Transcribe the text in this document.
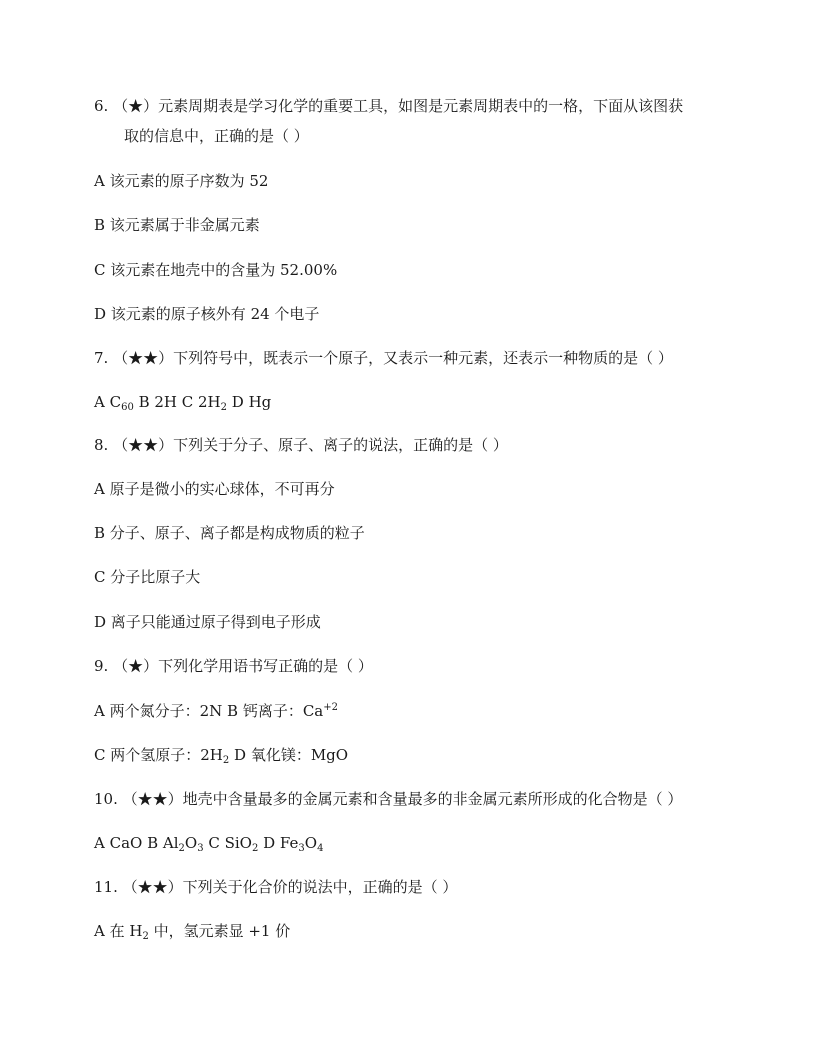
6. （★）元素周期表是学习化学的重要工具，如图是元素周期表中的一格，下面从该图获
取的信息中，正确的是（ ）
A 该元素的原子序数为 52
B 该元素属于非金属元素
C 该元素在地壳中的含量为 52.00%
D 该元素的原子核外有 24 个电子
7. （★★）下列符号中，既表示一个原子，又表示一种元素，还表示一种物质的是（ ）
A $C_{60}$ B 2H C $2H_2$ D Hg
8. （★★）下列关于分子、原子、离子的说法，正确的是（ ）
A 原子是微小的实心球体，不可再分
B 分子、原子、离子都是构成物质的粒子
C 分子比原子大
D 离子只能通过原子得到电子形成
9. （★）下列化学用语书写正确的是（ ）
A 两个氮分子：2N B 钙离子：$Ca^{+2}$
C 两个氢原子：$2H_2$ D 氧化镁：MgO
10. （★★）地壳中含量最多的金属元素和含量最多的非金属元素所形成的化合物是（ ）
A CaO B $Al_2O_3$ C SiO$_2$ D $Fe_3O_4$
11. （★★）下列关于化合价的说法中，正确的是（ ）
A 在 $H_2$ 中，氢元素显 +1 价
